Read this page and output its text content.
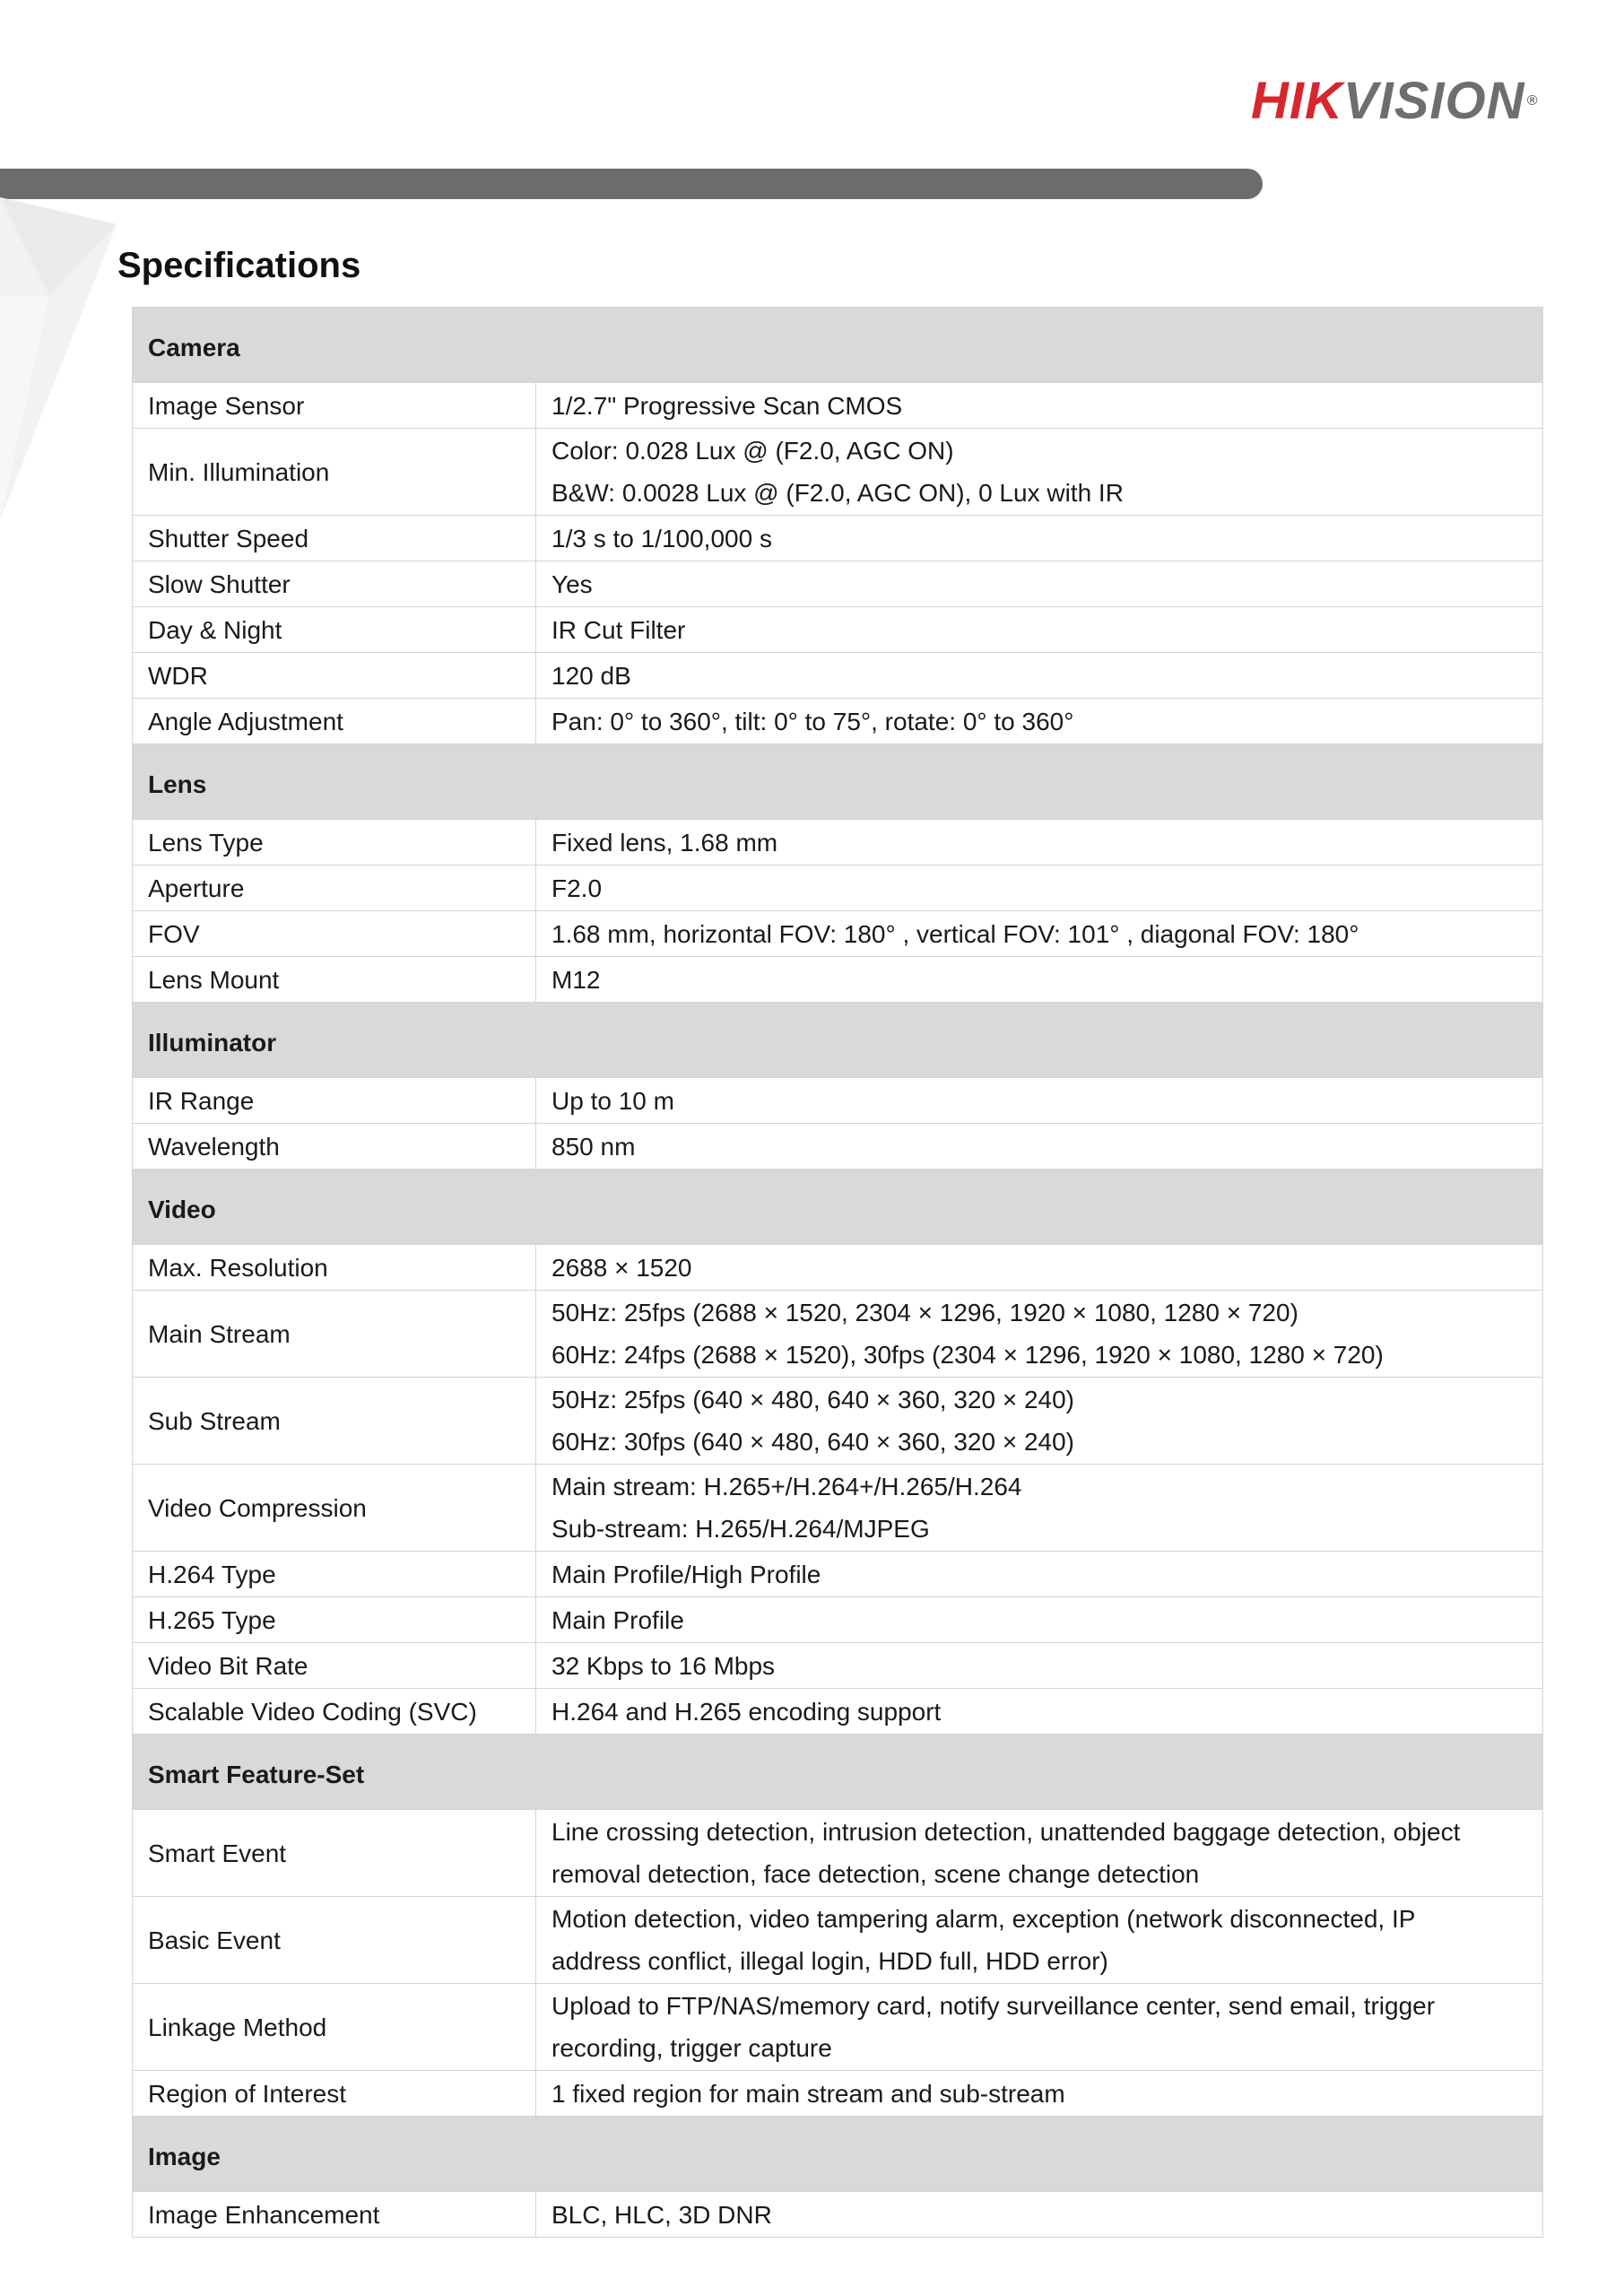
HIKVISION ®
Specifications
Camera	
Image Sensor	1/2.7" Progressive Scan CMOS

Min. Illumination	Color: 0.028 Lux @ (F2.0, AGC ON)
B&W: 0.0028 Lux @ (F2.0, AGC ON), 0 Lux with IR

Shutter Speed	1/3 s to 1/100,000 s

Slow Shutter	Yes

Day & Night	IR Cut Filter

WDR	120 dB

Angle Adjustment	Pan: 0° to 360°, tilt: 0° to 75°, rotate: 0° to 360°

Lens	
Lens Type	Fixed lens, 1.68 mm

Aperture	F2.0

FOV	1.68 mm, horizontal FOV: 180° , vertical FOV: 101° , diagonal FOV: 180°

Lens Mount	M12

Illuminator	
IR Range	Up to 10 m

Wavelength	850 nm

Video	
Max. Resolution	2688 × 1520

Main Stream	50Hz: 25fps (2688 × 1520, 2304 × 1296, 1920 × 1080, 1280 × 720)
60Hz: 24fps (2688 × 1520), 30fps (2304 × 1296, 1920 × 1080, 1280 × 720)

Sub Stream	50Hz: 25fps (640 × 480, 640 × 360, 320 × 240)
60Hz: 30fps (640 × 480, 640 × 360, 320 × 240)

Video Compression	Main stream: H.265+/H.264+/H.265/H.264
Sub-stream: H.265/H.264/MJPEG

H.264 Type	Main Profile/High Profile

H.265 Type	Main Profile

Video Bit Rate	32 Kbps to 16 Mbps

Scalable Video Coding (SVC)	H.264 and H.265 encoding support

Smart Feature-Set	
Smart Event	Line crossing detection, intrusion detection, unattended baggage detection, object
removal detection, face detection, scene change detection

Basic Event	Motion detection, video tampering alarm, exception (network disconnected, IP
address conflict, illegal login, HDD full, HDD error)

Linkage Method	Upload to FTP/NAS/memory card, notify surveillance center, send email, trigger
recording, trigger capture

Region of Interest	1 fixed region for main stream and sub-stream

Image	
Image Enhancement	BLC, HLC, 3D DNR
